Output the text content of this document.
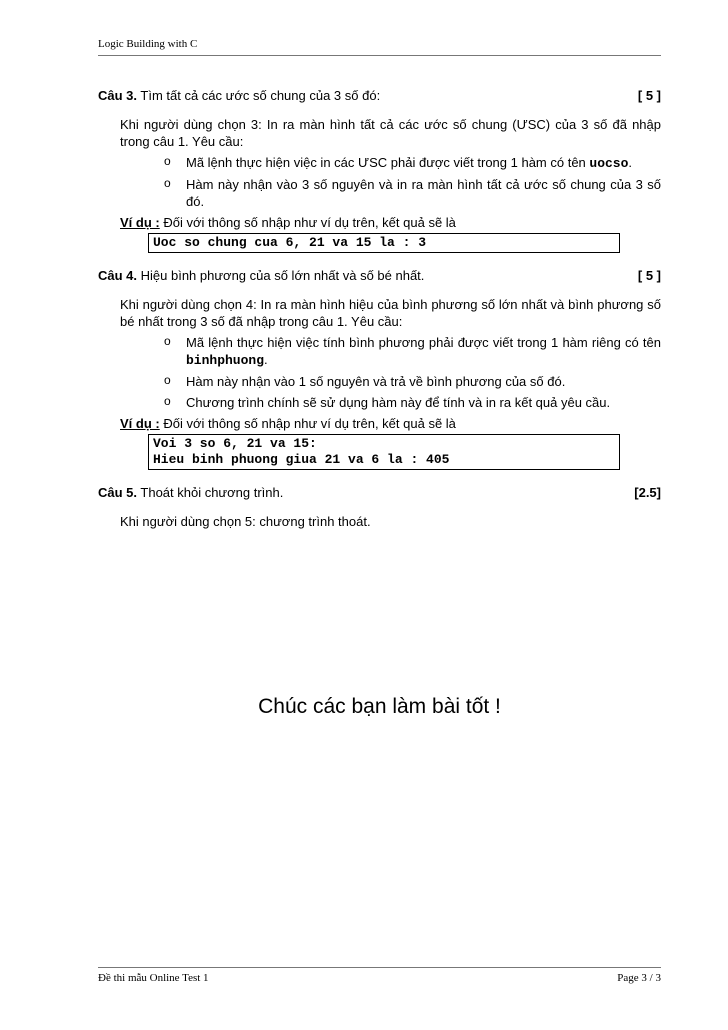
Logic Building with C
Câu 3. Tìm tất cả các ước số chung của 3 số đó:	[ 5 ]
Khi người dùng chọn 3: In ra màn hình tất cả các ước số chung (ƯSC) của 3 số đã nhập trong câu 1. Yêu cầu:
o Mã lệnh thực hiện việc in các ƯSC phải được viết trong 1 hàm có tên uocso.
o Hàm này nhận vào 3 số nguyên và in ra màn hình tất cả ước số chung của 3 số đó.
Ví dụ : Đối với thông số nhập như ví dụ trên, kết quả sẽ là
Uoc so chung cua 6, 21 va 15 la : 3
Câu 4. Hiệu bình phương của số lớn nhất và số bé nhất.	[ 5 ]
Khi người dùng chọn 4: In ra màn hình hiệu của bình phương số lớn nhất và bình phương số bé nhất trong 3 số đã nhập trong câu 1. Yêu cầu:
o Mã lệnh thực hiện việc tính bình phương phải được viết trong 1 hàm riêng có tên binhphuong.
o Hàm này nhận vào 1 số nguyên và trả về bình phương của số đó.
o Chương trình chính sẽ sử dụng hàm này để tính và in ra kết quả yêu cầu.
Ví dụ : Đối với thông số nhập như ví dụ trên, kết quả sẽ là
Voi 3 so 6, 21 va 15:
Hieu binh phuong giua 21 va 6 la : 405
Câu 5. Thoát khỏi chương trình.	[2.5]
Khi người dùng chọn 5: chương trình thoát.
Chúc các bạn làm bài tốt !
Đề thi mẫu Online Test 1	Page 3 / 3
